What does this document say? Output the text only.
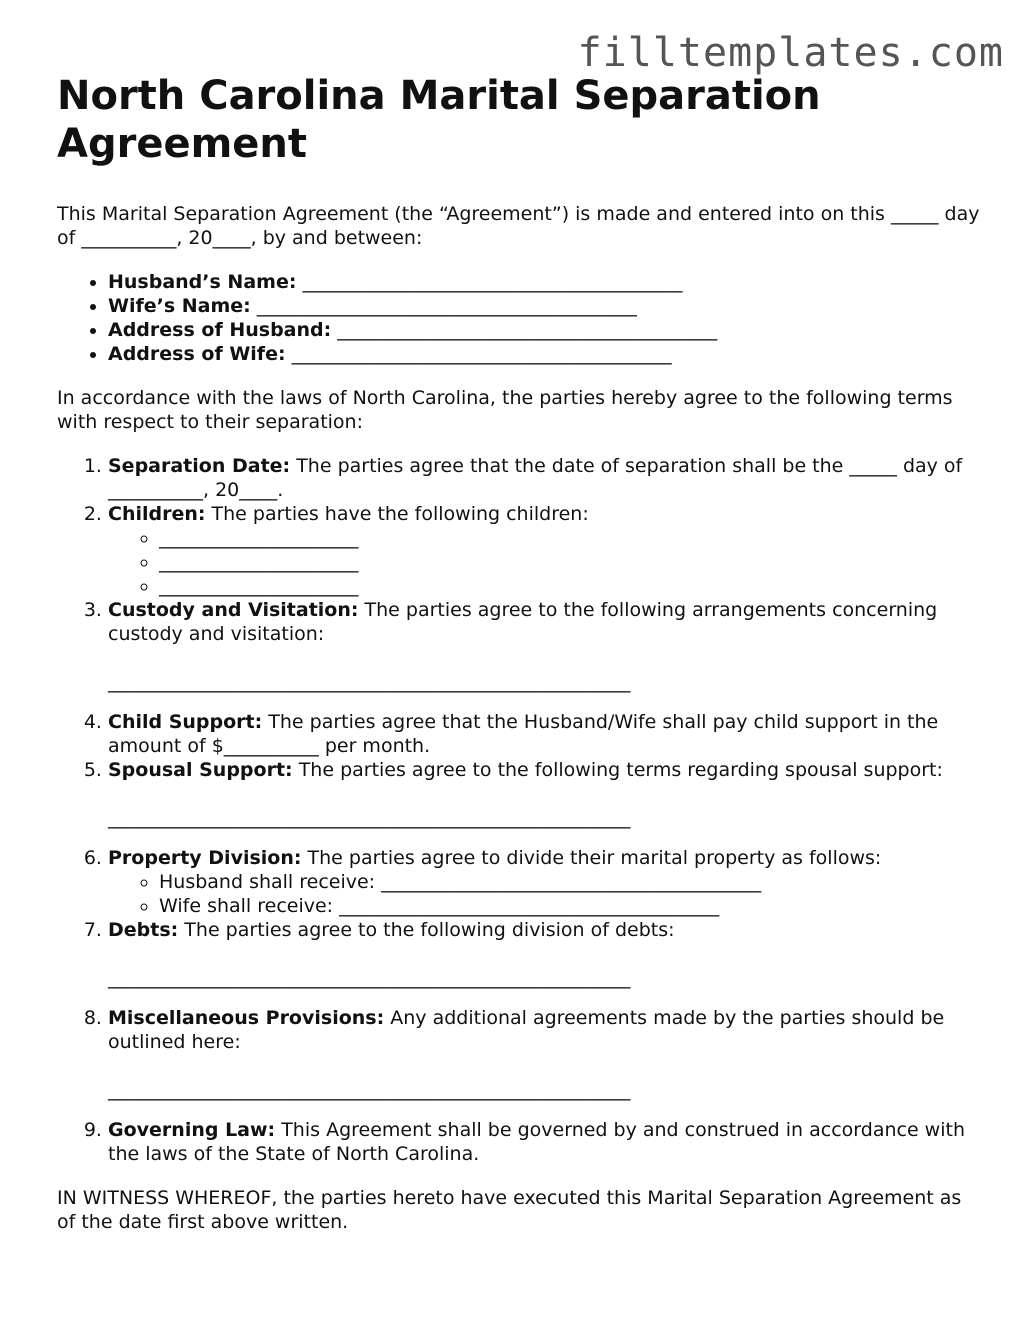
filltemplates.com
North Carolina Marital Separation Agreement

This Marital Separation Agreement (the “Agreement”) is made and entered into on this _____ day of __________, 20____, by and between:

• Husband’s Name: ________________________________________
• Wife’s Name: ________________________________________
• Address of Husband: ________________________________________
• Address of Wife: ________________________________________

In accordance with the laws of North Carolina, the parties hereby agree to the following terms with respect to their separation:

1. Separation Date: The parties agree that the date of separation shall be the _____ day of __________, 20____.
2. Children: The parties have the following children:
◦ _____________________
◦ _____________________
◦ _____________________
3. Custody and Visitation: The parties agree to the following arrangements concerning custody and visitation:
_______________________________________________________
4. Child Support: The parties agree that the Husband/Wife shall pay child support in the amount of $__________ per month.
5. Spousal Support: The parties agree to the following terms regarding spousal support:
_______________________________________________________
6. Property Division: The parties agree to divide their marital property as follows:
◦ Husband shall receive: ________________________________________
◦ Wife shall receive: ________________________________________
7. Debts: The parties agree to the following division of debts:
_______________________________________________________
8. Miscellaneous Provisions: Any additional agreements made by the parties should be outlined here:
_______________________________________________________
9. Governing Law: This Agreement shall be governed by and construed in accordance with the laws of the State of North Carolina.

IN WITNESS WHEREOF, the parties hereto have executed this Marital Separation Agreement as of the date first above written.
